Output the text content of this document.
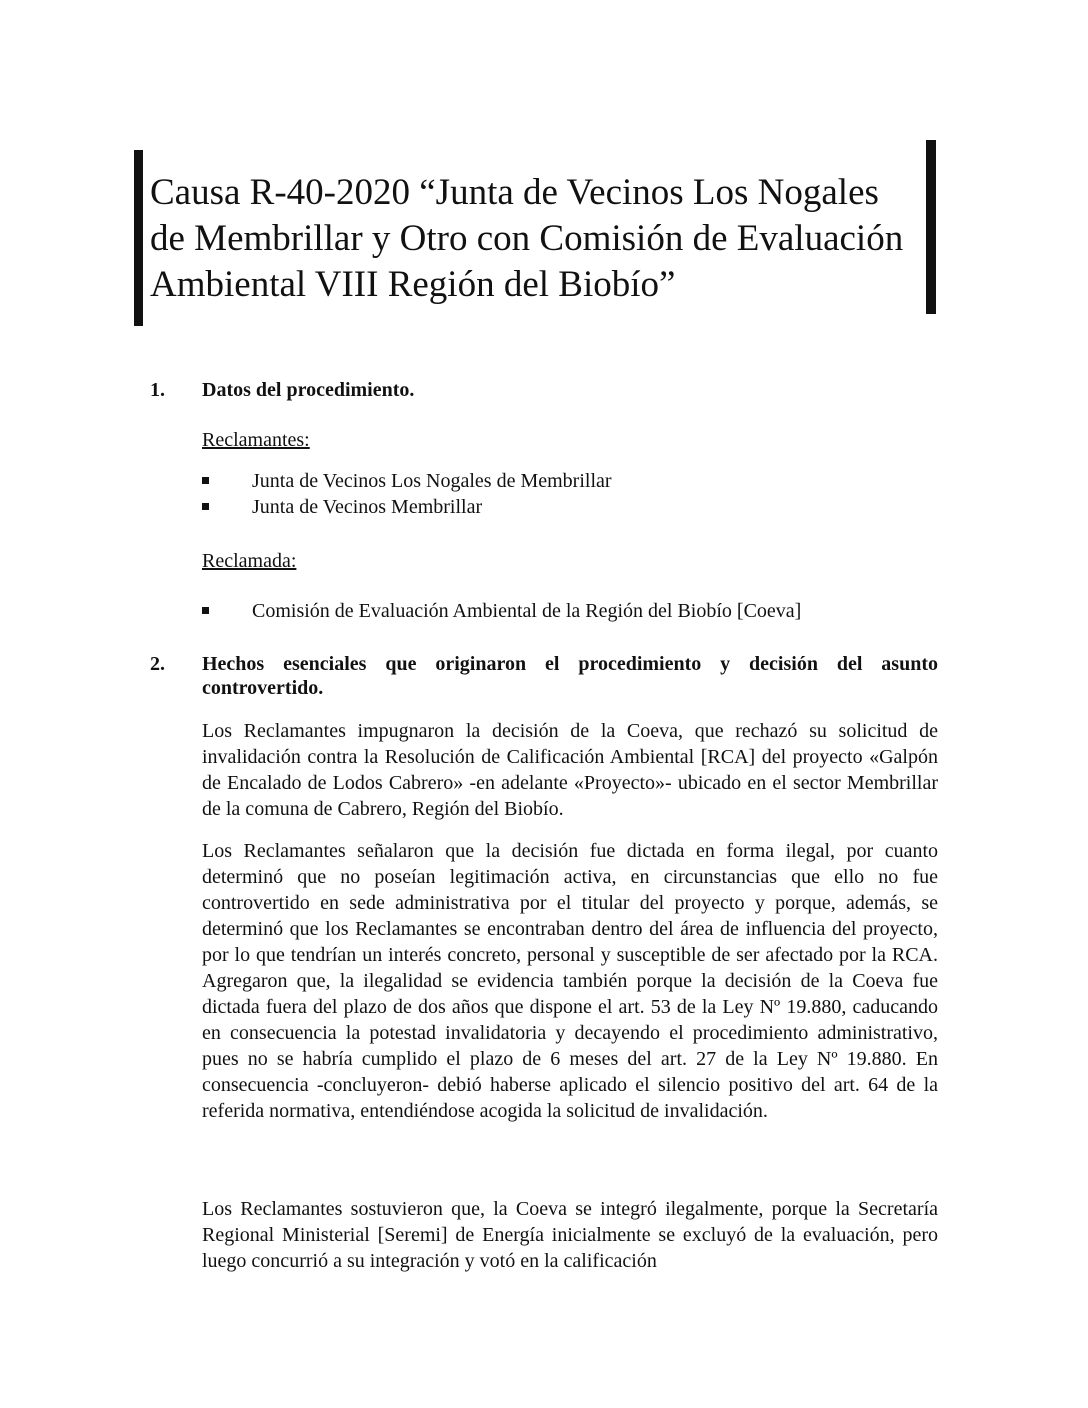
Causa R-40-2020 “Junta de Vecinos Los Nogales de Membrillar y Otro con Comisión de Evaluación Ambiental VIII Región del Biobío”
1. Datos del procedimiento.
Reclamantes:
Junta de Vecinos Los Nogales de Membrillar
Junta de Vecinos Membrillar
Reclamada:
Comisión de Evaluación Ambiental de la Región del Biobío [Coeva]
2. Hechos esenciales que originaron el procedimiento y decisión del asunto controvertido.
Los Reclamantes impugnaron la decisión de la Coeva, que rechazó su solicitud de invalidación contra la Resolución de Calificación Ambiental [RCA] del proyecto «Galpón de Encalado de Lodos Cabrero» -en adelante «Proyecto»- ubicado en el sector Membrillar de la comuna de Cabrero, Región del Biobío.
Los Reclamantes señalaron que la decisión fue dictada en forma ilegal, por cuanto determinó que no poseían legitimación activa, en circunstancias que ello no fue controvertido en sede administrativa por el titular del proyecto y porque, además, se determinó que los Reclamantes se encontraban dentro del área de influencia del proyecto, por lo que tendrían un interés concreto, personal y susceptible de ser afectado por la RCA. Agregaron que, la ilegalidad se evidencia también porque la decisión de la Coeva fue dictada fuera del plazo de dos años que dispone el art. 53 de la Ley Nº 19.880, caducando en consecuencia la potestad invalidatoria y decayendo el procedimiento administrativo, pues no se habría cumplido el plazo de 6 meses del art. 27 de la Ley Nº 19.880. En consecuencia -concluyeron- debió haberse aplicado el silencio positivo del art. 64 de la referida normativa, entendiéndose acogida la solicitud de invalidación.
Los Reclamantes sostuvieron que, la Coeva se integró ilegalmente, porque la Secretaría Regional Ministerial [Seremi] de Energía inicialmente se excluyó de la evaluación, pero luego concurrió a su integración y votó en la calificación
